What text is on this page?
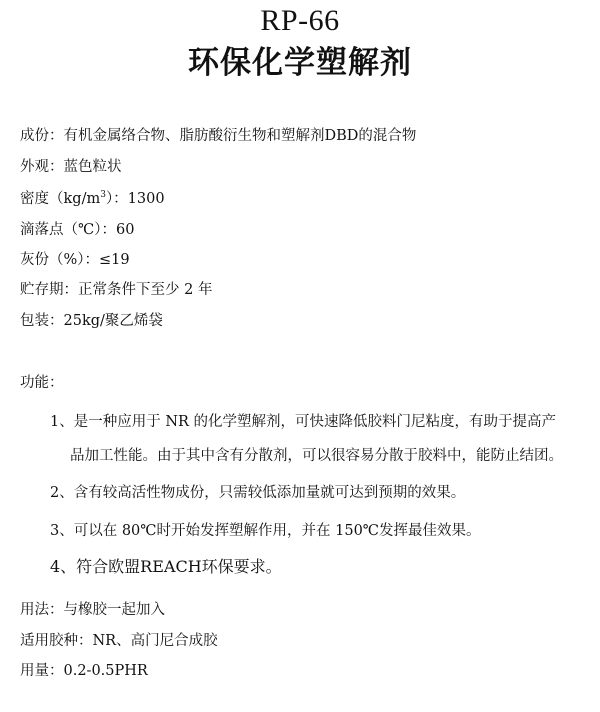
RP-66
环保化学塑解剂
成份：有机金属络合物、脂肪酸衍生物和塑解剂DBD的混合物
外观：蓝色粒状
密度$(kg/m^3)$：1300
滴落点（℃）：60
灰份（%）：≤19
贮存期：正常条件下至少 2 年
包装：25kg/聚乙烯袋
功能：
1、是一种应用于 NR 的化学塑解剂，可快速降低胶料门尼粘度，有助于提高产
品加工性能。由于其中含有分散剂，可以很容易分散于胶料中，能防止结团。
2、含有较高活性物成份，只需较低添加量就可达到预期的效果。
3、可以在 80℃时开始发挥塑解作用，并在 150℃发挥最佳效果。
4、符合欧盟REACH环保要求。
用法：与橡胶一起加入
适用胶种：NR、高门尼合成胶
用量：0.2-0.5PHR
